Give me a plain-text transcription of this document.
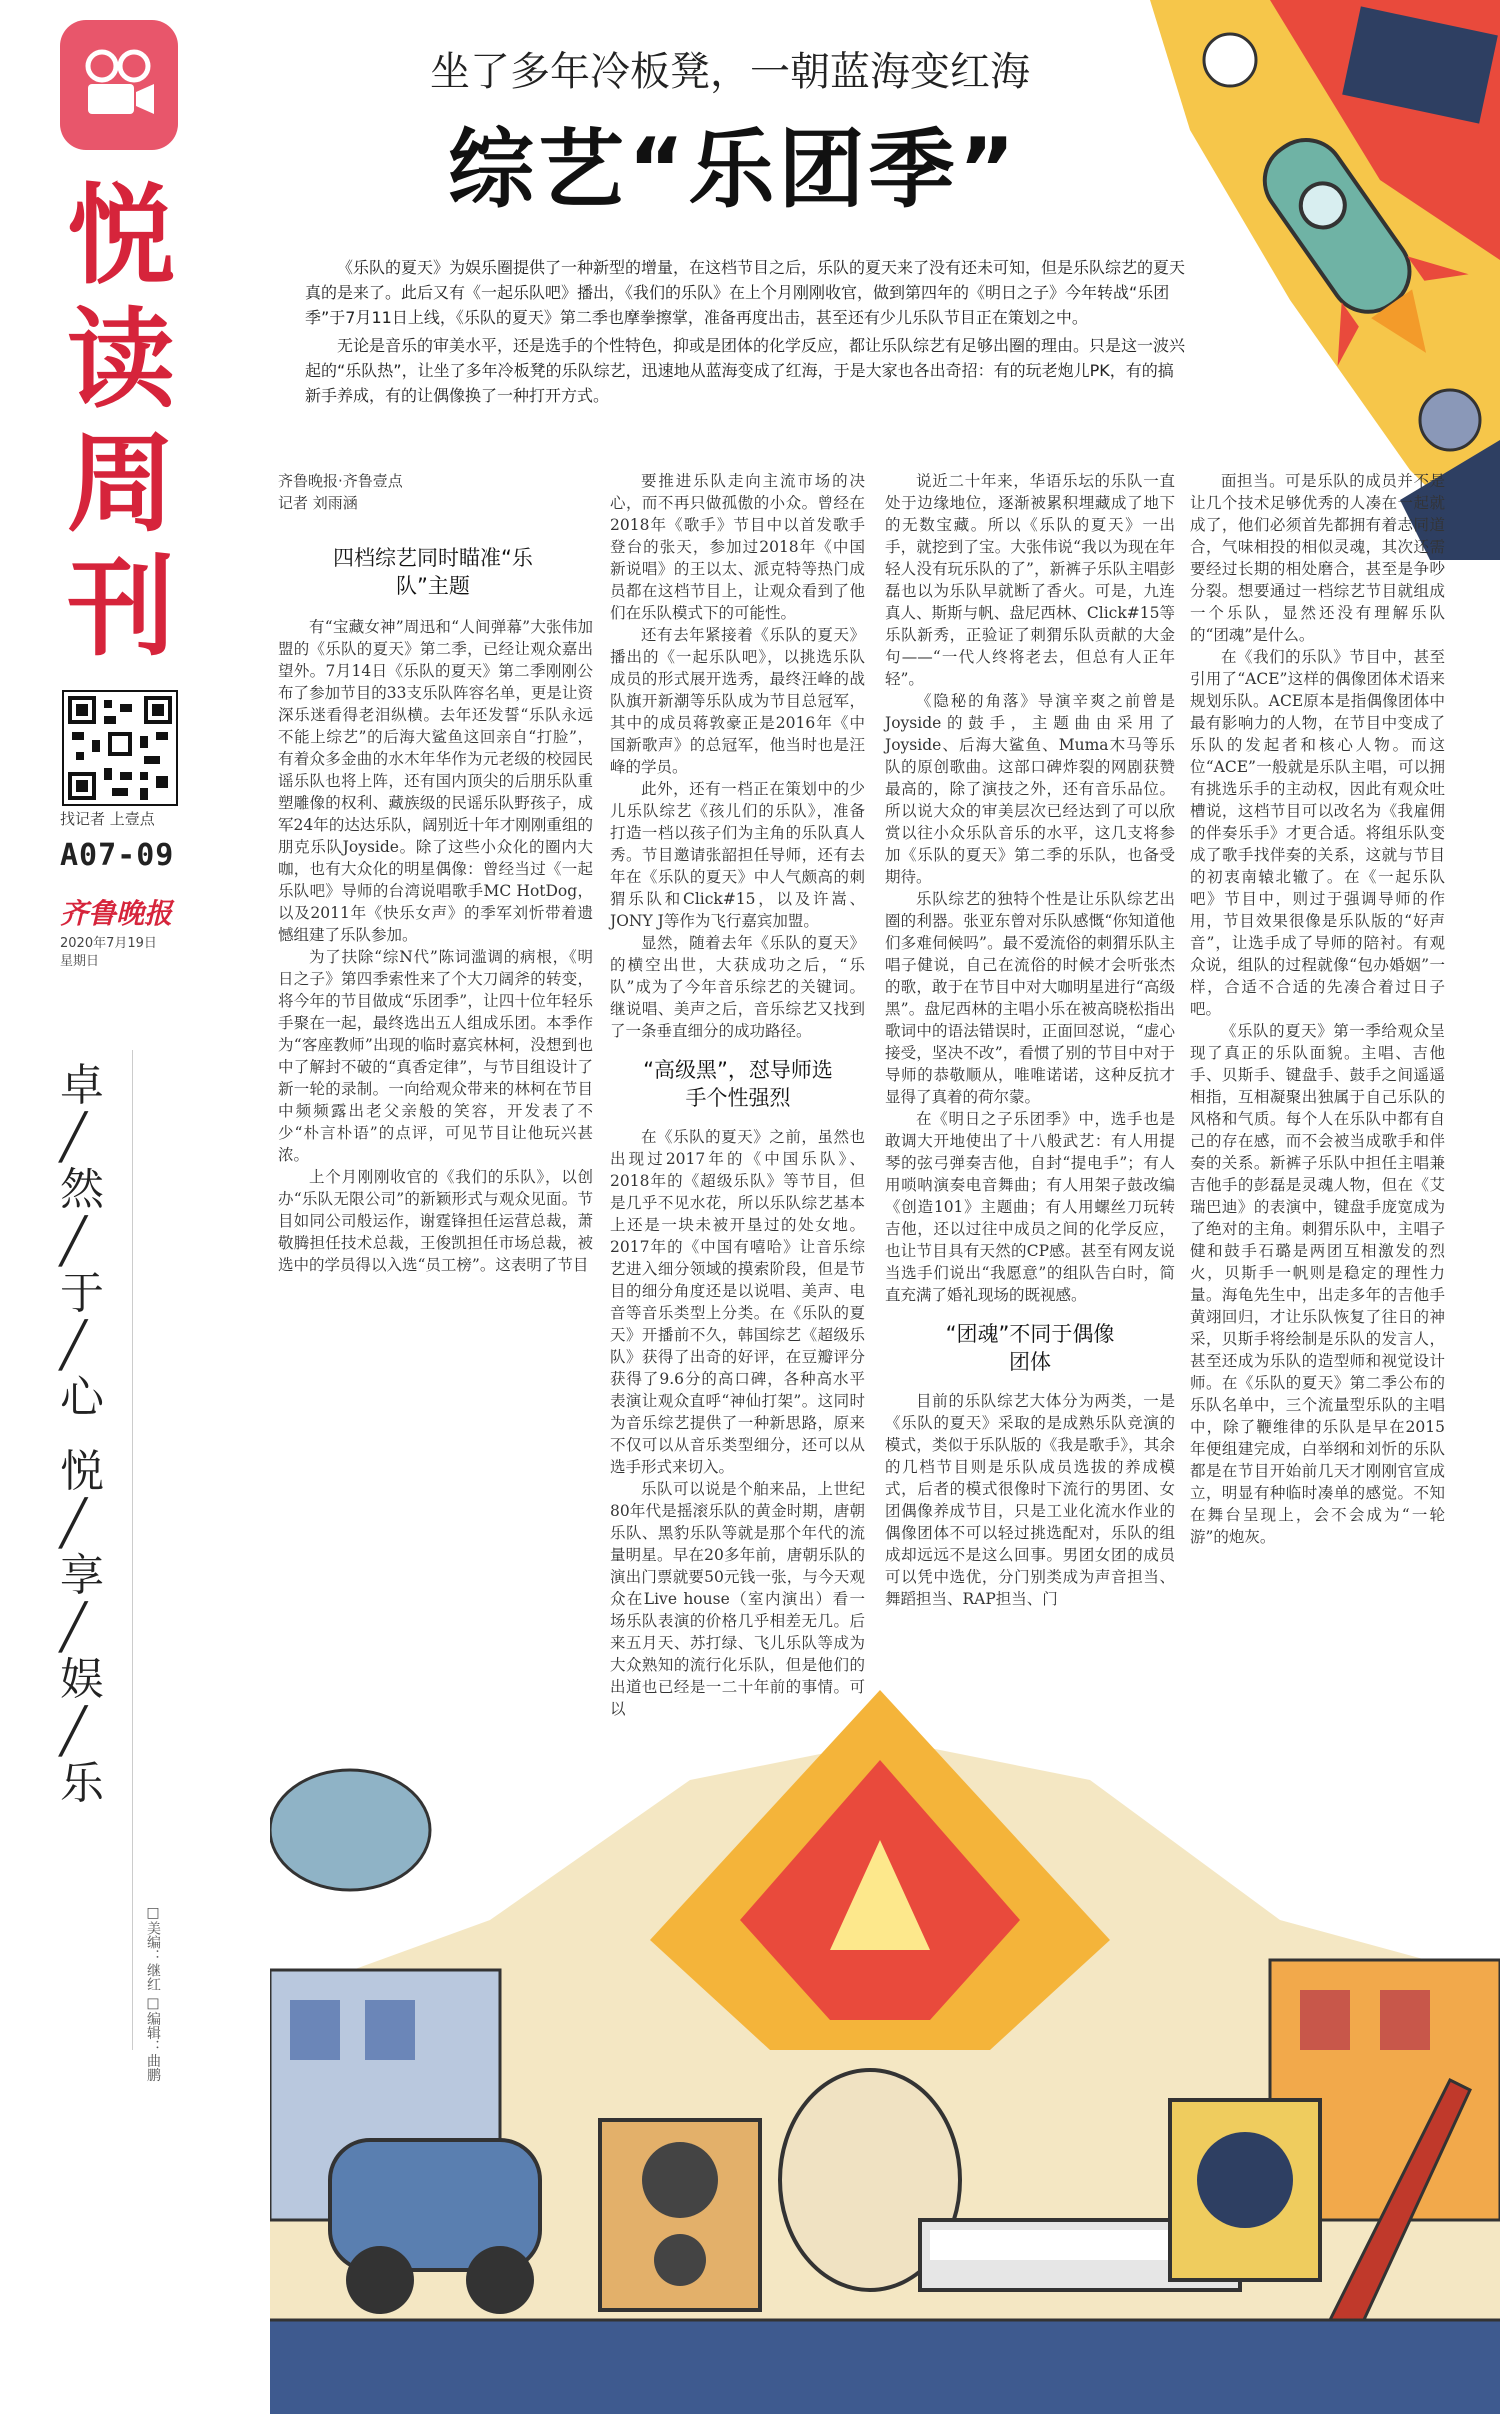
悦
读
周
刊
找记者 上壹点
A07-09
齐鲁晚报
2020年7月19日
星期日
卓
╱
然
╱
于
╱
心
悦
╱
享
╱
娱
╱
乐
□美编：继红 □编辑：曲鹏
坐了多年冷板凳，一朝蓝海变红海
综艺“乐团季”

《乐队的夏天》为娱乐圈提供了一种新型的增量，在这档节目之后，乐队的夏天来了没有还未可知，但是乐队综艺的夏天真的是来了。此后又有《一起乐队吧》播出，《我们的乐队》在上个月刚刚收官，做到第四年的《明日之子》今年转战“乐团季”于7月11日上线，《乐队的夏天》第二季也摩拳擦掌，准备再度出击，甚至还有少儿乐队节目正在策划之中。

无论是音乐的审美水平，还是选手的个性特色，抑或是团体的化学反应，都让乐队综艺有足够出圈的理由。只是这一波兴起的“乐队热”，让坐了多年冷板凳的乐队综艺，迅速地从蓝海变成了红海，于是大家也各出奇招：有的玩老炮儿PK，有的搞新手养成，有的让偶像换了一种打开方式。

齐鲁晚报·齐鲁壹点
记者 刘雨涵
四档综艺同时瞄准“乐队”主题

有“宝藏女神”周迅和“人间弹幕”大张伟加盟的《乐队的夏天》第二季，已经让观众嘉出望外。7月14日《乐队的夏天》第二季刚刚公布了参加节目的33支乐队阵容名单，更是让资深乐迷看得老泪纵横。去年还发誓“乐队永远不能上综艺”的后海大鲨鱼这回亲自“打脸”，有着众多金曲的水木年华作为元老级的校园民谣乐队也将上阵，还有国内顶尖的后朋乐队重塑雕像的权利、藏族级的民谣乐队野孩子，成军24年的达达乐队，阔别近十年才刚刚重组的朋克乐队Joyside。除了这些小众化的圈内大咖，也有大众化的明星偶像：曾经当过《一起乐队吧》导师的台湾说唱歌手MC HotDog，以及2011年《快乐女声》的季军刘忻带着遗憾组建了乐队参加。

为了扶除“综N代”陈词滥调的病根，《明日之子》第四季索性来了个大刀阔斧的转变，将今年的节目做成“乐团季”，让四十位年轻乐手聚在一起，最终选出五人组成乐团。本季作为“客座教师”出现的临时嘉宾林柯，没想到也中了解封不破的“真香定律”，与节目组设计了新一轮的录制。一向给观众带来的林柯在节目中频频露出老父亲般的笑容，开发表了不少“朴言朴语”的点评，可见节目让他玩兴甚浓。

上个月刚刚收官的《我们的乐队》，以创办“乐队无限公司”的新颖形式与观众见面。节目如同公司般运作，谢霆锋担任运营总裁，萧敬腾担任技术总裁，王俊凯担任市场总裁，被选中的学员得以入选“员工榜”。这表明了节目

要推进乐队走向主流市场的决心，而不再只做孤傲的小众。曾经在2018年《歌手》节目中以首发歌手登台的张天，参加过2018年《中国新说唱》的王以太、派克特等热门成员都在这档节目上，让观众看到了他们在乐队模式下的可能性。

还有去年紧接着《乐队的夏天》播出的《一起乐队吧》，以挑选乐队成员的形式展开选秀，最终汪峰的战队旗开新潮等乐队成为节目总冠军，其中的成员蒋敦豪正是2016年《中国新歌声》的总冠军，他当时也是汪峰的学员。

此外，还有一档正在策划中的少儿乐队综艺《孩儿们的乐队》，准备打造一档以孩子们为主角的乐队真人秀。节目邀请张韶担任导师，还有去年在《乐队的夏天》中人气颇高的刺猬乐队和Click#15，以及许嵩、JONY J等作为飞行嘉宾加盟。

显然，随着去年《乐队的夏天》的横空出世，大获成功之后，“乐队”成为了今年音乐综艺的关键词。继说唱、美声之后，音乐综艺又找到了一条垂直细分的成功路径。

“高级黑”，怼导师选手个性强烈

在《乐队的夏天》之前，虽然也出现过2017年的《中国乐队》、2018年的《超级乐队》等节目，但是几乎不见水花，所以乐队综艺基本上还是一块未被开垦过的处女地。2017年的《中国有嘻哈》让音乐综艺进入细分领域的摸索阶段，但是节目的细分角度还是以说唱、美声、电音等音乐类型上分类。在《乐队的夏天》开播前不久，韩国综艺《超级乐队》获得了出奇的好评，在豆瓣评分获得了9.6分的高口碑，各种高水平表演让观众直呼“神仙打架”。这同时为音乐综艺提供了一种新思路，原来不仅可以从音乐类型细分，还可以从选手形式来切入。

乐队可以说是个舶来品，上世纪80年代是摇滚乐队的黄金时期，唐朝乐队、黑豹乐队等就是那个年代的流量明星。早在20多年前，唐朝乐队的演出门票就要50元钱一张，与今天观众在Live house（室内演出）看一场乐队表演的价格几乎相差无几。后来五月天、苏打绿、飞儿乐队等成为大众熟知的流行化乐队，但是他们的出道也已经是一二十年前的事情。可以

说近二十年来，华语乐坛的乐队一直处于边缘地位，逐渐被累积埋藏成了地下的无数宝藏。所以《乐队的夏天》一出手，就挖到了宝。大张伟说“我以为现在年轻人没有玩乐队的了”，新裤子乐队主唱彭磊也以为乐队早就断了香火。可是，九连真人、斯斯与帆、盘尼西林、Click#15等乐队新秀，正验证了刺猬乐队贡献的大金句——“一代人终将老去，但总有人正年轻”。

《隐秘的角落》导演辛爽之前曾是Joyside的鼓手，主题曲由采用了Joyside、后海大鲨鱼、Muma木马等乐队的原创歌曲。这部口碑炸裂的网剧获赞最高的，除了演技之外，还有音乐品位。所以说大众的审美层次已经达到了可以欣赏以往小众乐队音乐的水平，这几支将参加《乐队的夏天》第二季的乐队，也备受期待。

乐队综艺的独特个性是让乐队综艺出圈的利器。张亚东曾对乐队感慨“你知道他们多难伺候吗”。最不爱流俗的刺猬乐队主唱子健说，自己在流俗的时候才会听张杰的歌，敢于在节目中对大咖明星进行“高级黑”。盘尼西林的主唱小乐在被高晓松指出歌词中的语法错误时，正面回怼说，“虚心接受，坚决不改”，看惯了别的节目中对于导师的恭敬顺从，唯唯诺诺，这种反抗才显得了真着的荷尔蒙。

在《明日之子乐团季》中，选手也是敢调大开地使出了十八般武艺：有人用提琴的弦弓弹奏吉他，自封“提电手”；有人用唢呐演奏电音舞曲；有人用架子鼓改编《创造101》主题曲；有人用螺丝刀玩转吉他，还以过往中成员之间的化学反应，也让节目具有天然的CP感。甚至有网友说当选手们说出“我愿意”的组队告白时，简直充满了婚礼现场的既视感。

“团魂”不同于偶像团体

目前的乐队综艺大体分为两类，一是《乐队的夏天》采取的是成熟乐队竞演的模式，类似于乐队版的《我是歌手》，其余的几档节目则是乐队成员选拔的养成模式，后者的模式很像时下流行的男团、女团偶像养成节目，只是工业化流水作业的偶像团体不可以轻过挑选配对，乐队的组成却远远不是这么回事。男团女团的成员可以凭中选优，分门别类成为声音担当、舞蹈担当、RAP担当、门

面担当。可是乐队的成员并不是让几个技术足够优秀的人凑在一起就成了，他们必须首先都拥有着志同道合，气味相投的相似灵魂，其次还需要经过长期的相处磨合，甚至是争吵分裂。想要通过一档综艺节目就组成一个乐队，显然还没有理解乐队的“团魂”是什么。

在《我们的乐队》节目中，甚至引用了“ACE”这样的偶像团体术语来规划乐队。ACE原本是指偶像团体中最有影响力的人物，在节目中变成了乐队的发起者和核心人物。而这位“ACE”一般就是乐队主唱，可以拥有挑选乐手的主动权，因此有观众吐槽说，这档节目可以改名为《我雇佣的伴奏乐手》才更合适。将组乐队变成了歌手找伴奏的关系，这就与节目的初衷南辕北辙了。在《一起乐队吧》节目中，则过于强调导师的作用，节目效果很像是乐队版的“好声音”，让选手成了导师的陪衬。有观众说，组队的过程就像“包办婚姻”一样，合适不合适的先凑合着过日子吧。

《乐队的夏天》第一季给观众呈现了真正的乐队面貌。主唱、吉他手、贝斯手、键盘手、鼓手之间遥遥相指，互相凝聚出独属于自己乐队的风格和气质。每个人在乐队中都有自己的存在感，而不会被当成歌手和伴奏的关系。新裤子乐队中担任主唱兼吉他手的彭磊是灵魂人物，但在《艾瑞巴迪》的表演中，键盘手庞宽成为了绝对的主角。刺猬乐队中，主唱子健和鼓手石璐是两团互相激发的烈火，贝斯手一帆则是稳定的理性力量。海龟先生中，出走多年的吉他手黄翊回归，才让乐队恢复了往日的神采，贝斯手将绘制是乐队的发言人，甚至还成为乐队的造型师和视觉设计师。在《乐队的夏天》第二季公布的乐队名单中，三个流量型乐队的主唱中，除了鞭维律的乐队是早在2015年便组建完成，白举纲和刘忻的乐队都是在节目开始前几天才刚刚官宣成立，明显有种临时凑单的感觉。不知在舞台呈现上，会不会成为“一轮游”的炮灰。
